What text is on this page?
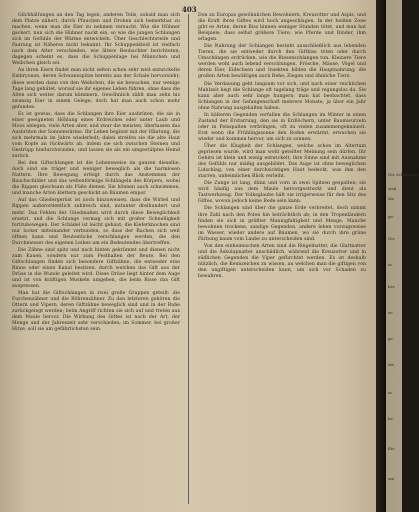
403

Gilchhälfungen an den Tag legen, anderen Teils, sobald man sich dem Platze nähert, durch Pfauchen und Drohen sich bemerkbar zu machen, wenn man die Eier zu nehmen versucht. Wie die Hühner gackert, nun sich die Hühner nackt ein, so wie die jungen Schlangen sich im Gefühle der Wärme entwickeln. Über Geschlechtsreife und Paarung ist Näheres nicht bekannt. Ihr Schuppenkleid ist vielfach nach dem Alter verschieden, wie ältere Beobachter berichteten; dagegen scheint es, dass die Schuppenlage bei Männchen und Weibchen gleich sei.

An ihren Eiern findet man nicht selten schon sehr weit entwickelte Embryonen, deren Schwanzspitze bereits aus der Schale hervorsieht; diese werden dann von den Weibchen, die sie bewachen, nur wenige Tage lang gehütet, worauf sie ihr eigenes Leben führen, ohne dass die Alten sich weiter darum kümmern. Gewöhnlich zählt man zehn bis zwanzig Eier in einem Gelege; doch hat man auch schon mehr gefunden.

Es ist gewiss, dass die Schlangen ihre Eier ausbrüten, die sie in einer geeigneten Höhlung eines Erdreiches oder unter Laub und Moos ablegen; viele Arten aber, und zwar die meisten, überlassen das Ausbrüten der Sonnenwärme. Ihr Leben beginnt mit der Häutung, die sich mehrmals im Jahre wiederholt; dabei streifen sie die alte Haut vom Kopfe an rückwärts ab, indem sie sich zwischen Steinen und Gestrüpp hindurchwinden, und lassen sie als ein umgestülptes Hemd zurück.

Bei den Giftschlangen ist die Lebensweise im ganzen dieselbe; doch sind sie träger und weniger beweglich als die harmlosen Nattern. Ihre Bewegung erfolgt durch das Anstemmen der Bauchschilder und das wellenförmige Schlängeln des Körpers, wobei die Rippen gleichsam als Füße dienen. Sie können auch schwimmen, und manche Arten klettern geschickt an Bäumen empor.

Auf das Gliedergerüst ist noch hinzuweisen, dass die Wirbel und Rippen außerordentlich zahlreich sind, mitunter dreihundert und mehr. Das Fehlen der Gliedmaßen wird durch diese Beweglichkeit ersetzt, und die Schlange vermag sich mit großer Schnelligkeit fortzubewegen. Der Schädel ist leicht gebaut; die Kieferknochen sind nur locker miteinander verbunden, so dass der Rachen sich weit öffnen kann und Beutestücke verschlungen werden, die den Durchmesser des eigenen Leibes um ein Bedeutendes übertreffen.

Die Zähne sind spitz und nach hinten gekrümmt und dienen nicht zum Kauen, sondern nur zum Festhalten der Beute. Bei den Giftschlangen finden sich besondere Giftzähne, die entweder eine Rinne oder einen Kanal besitzen, durch welchen das Gift aus der Drüse in die Wunde geleitet wird. Diese Drüse liegt hinter dem Auge und ist von kräftigen Muskeln umgeben, die beim Bisse das Gift auspressen.

Man hat die Giftschlangen in zwei große Gruppen geteilt: die Furchenzähner und die Röhrenzähner. Zu den letzteren gehören die Ottern und Vipern, deren Giftzähne beweglich sind und in der Ruhe zurückgelegt werden; beim Angriff richten sie sich auf und treten aus dem Maule hervor. Die Wirkung des Giftes ist nach der Art, der Menge und der Jahreszeit sehr verschieden; im Sommer, bei großer Hitze, soll sie am gefährlichsten sein.

Don zu Europas gewöhnlichen Bewohnern, Kreuzotter und Aspis, und die Kraft ihres Giftes wird hoch angeschlagen. In der heißen Zone gibt es Arten, deren Biss binnen weniger Stunden tötet, und man hat Beispiele, dass selbst größere Tiere, wie Pferde und Rinder, ihm erlagen.

Die Nahrung der Schlangen besteht ausschließlich aus lebenden Tieren, die sie entweder durch den Giftbiss töten oder durch Umschlingen erdrücken, wie die Riesenschlangen tun. Kleinere Tiere werden wohl auch lebend verschlungen. Frösche, Mäuse, Vögel und deren Eier, Eidechsen und Insekten bilden die Hauptnahrung; die großen Arten bewältigen auch Rehe, Ziegen und ähnliche Tiere.

Die Verdauung geht langsam vor sich, und nach einer reichlichen Mahlzeit liegt die Schlange oft tagelang träge und regungslos da. Sie kann aber auch sehr lange hungern; man hat beobachtet, dass Schlangen in der Gefangenschaft mehrere Monate, ja über ein Jahr ohne Nahrung ausgehalten haben.

In kälteren Gegenden verfallen die Schlangen im Winter in einen Zustand der Erstarrung, den sie in Erdlöchern, unter Baumwurzeln oder in Felsspalten verbringen, oft zu vielen zusammengeknäuelt. Erst wenn die Frühlingssonne den Boden erwärmt, erwachen sie wieder und kommen hervor, um sich zu sonnen.

Über die Klugheit der Schlangen, welche schon im Altertum gepriesen wurde, wird man wohl geteilter Meinung sein dürfen. Ihr Gehirn ist klein und wenig entwickelt; ihre Sinne sind mit Ausnahme des Gefühls nur mäßig ausgebildet. Das Auge ist ohne beweglichen Lidschlag, von einer durchsichtigen Haut bedeckt, was ihm den starren, unheimlichen Blick verleiht.

Die Zunge ist lang, dünn und vorn in zwei Spitzen gespalten; sie wird häufig aus dem Maule hervorgestreckt und dient als Tastwerkzeug. Der Volksglaube hält sie irrigerweise für den Sitz des Giftes, wovon jedoch keine Rede sein kann.

Die Schlangen sind über die ganze Erde verbreitet, doch nimmt ihre Zahl nach den Polen hin beträchtlich ab; in den Tropenländern finden sie sich in größter Mannigfaltigkeit und Menge. Manche bewohnen trockene, sandige Gegenden, andere leben vorzugsweise im Wasser, wieder andere auf Bäumen, wo sie durch ihre grüne Färbung kaum vom Laube zu unterscheiden sind.

Von den einheimischen Arten sind die Ringelnatter, die Glattnatter und die Äskulapnatter unschädlich, während die Kreuzotter und in südlichen Gegenden die Viper gefürchtet werden. Es ist deshalb nützlich, die Kennzeichen zu wissen, an welchen man die giftigen von den ungiftigen unterscheiden kann, um sich vor Schaden zu bewahren.

Die Schlangen.
sind
die
ge-
Die
in
ber
zu
ge-
die
in
be-
Eie
am
